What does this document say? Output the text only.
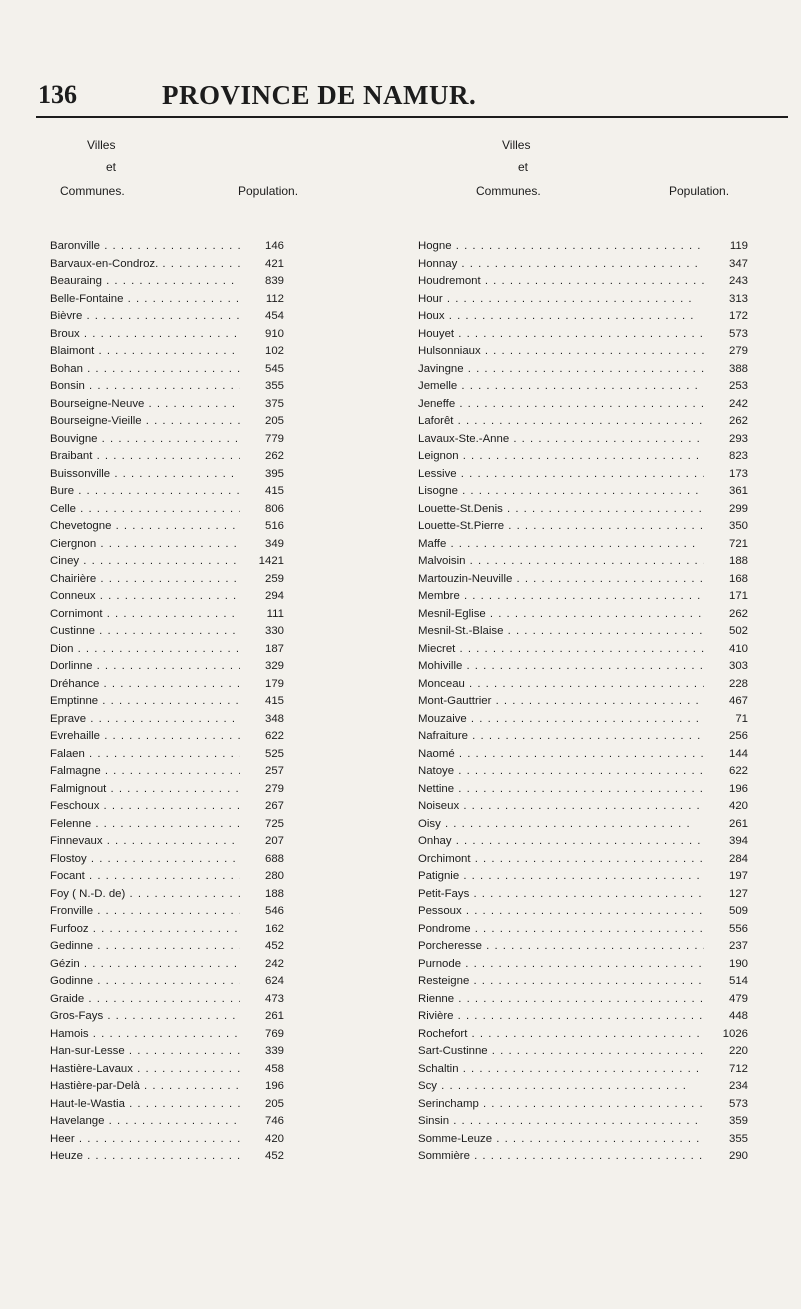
136	PROVINCE DE NAMUR.
Villes
et
Communes.	Population.
Baronville . . .	146
Barvaux-en-Condroz. . . .	421
Beauraing . . .	839
Belle-Fontaine . . .	112
Bièvre . . .	454
Broux . . .	910
Blaimont . . .	102
Bohan . . .	545
Bonsin . . .	355
Bourseigne-Neuve . . .	375
Bourseigne-Vieille . . .	205
Bouvigne . . .	779
Braibant . . .	262
Buissonville . . .	395
Bure . . .	415
Celle . . .	806
Chevetogne . . .	516
Ciergnon . . .	349
Ciney . . .	1421
Chairière . . .	259
Conneux . . .	294
Cornimont . . .	111
Custinne . . .	330
Dion . . .	187
Dorlinne . . .	329
Dréhance . . .	179
Emptinne . . .	415
Eprave . . .	348
Evrehaille . . .	622
Falaen . . .	525
Falmagne . . .	257
Falmignout . . .	279
Feschoux . . .	267
Felenne . . .	725
Finnevaux . . .	207
Flostoy . . .	688
Focant . . .	280
Foy ( N.-D. de) . . .	188
Fronville . . .	546
Furfooz . . .	162
Gedinne . . .	452
Gézin . . .	242
Godinne . . .	624
Graide . . .	473
Gros-Fays . . .	261
Hamois . . .	769
Han-sur-Lesse . . .	339
Hastière-Lavaux . . .	458
Hastière-par-Delà . . .	196
Haut-le-Wastia . . .	205
Havelange . . .	746
Heer . . .	420
Heuze . . .	452
Villes
et
Communes.	Population.
Hogne . . .	119
Honnay . . .	347
Houdremont . . .	243
Hour . . .	313
Houx . . .	172
Houyet . . .	573
Hulsonniaux . . .	279
Javingne . . .	388
Jemelle . . .	253
Jeneffe . . .	242
Laforêt . . .	262
Lavaux-Ste.-Anne . . .	293
Leignon . . .	823
Lessive . . .	173
Lisogne . . .	361
Louette-St.Denis . . .	299
Louette-St.Pierre . . .	350
Maffe . . .	721
Malvoisin . . .	188
Martouzin-Neuville . . .	168
Membre . . .	171
Mesnil-Eglise . . .	262
Mesnil-St.-Blaise . . .	502
Miecret . . .	410
Mohiville . . .	303
Monceau . . .	228
Mont-Gauttrier . . .	467
Mouzaive . . .	71
Nafraiture . . .	256
Naomé . . .	144
Natoye . . .	622
Nettine . . .	196
Noiseux . . .	420
Oisy . . .	261
Onhay . . .	394
Orchimont . . .	284
Patignie . . .	197
Petit-Fays . . .	127
Pessoux . . .	509
Pondrome . . .	556
Porcheresse . . .	237
Purnode . . .	190
Resteigne . . .	514
Rienne . . .	479
Rivière . . .	448
Rochefort . . .	1026
Sart-Custinne . . .	220
Schaltin . . .	712
Scy . . .	234
Serinchamp . . .	573
Sinsin . . .	359
Somme-Leuze . . .	355
Sommière . . .	290
